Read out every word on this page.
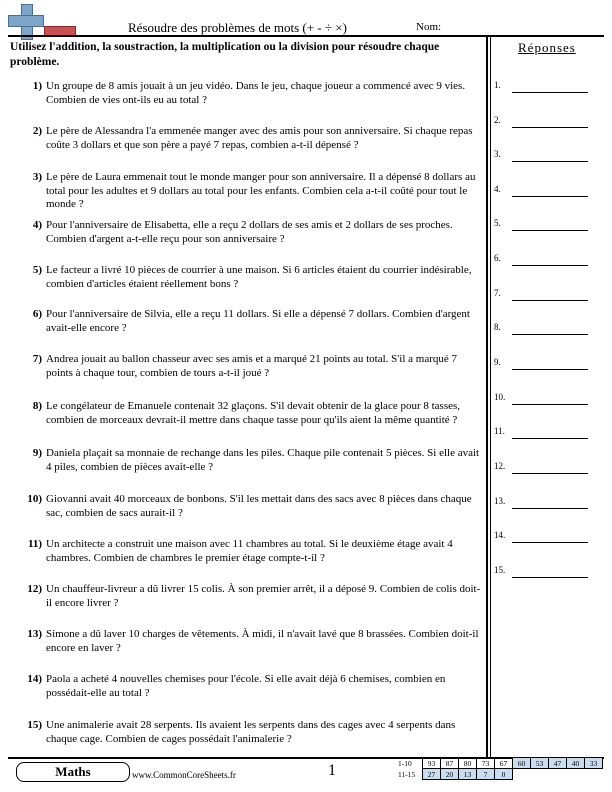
Résoudre des problèmes de mots (+ - ÷ ×)	Nom:
Utilisez l'addition, la soustraction, la multiplication ou la division pour résoudre chaque problème.
Réponses
1.
2.
3.
4.
5.
6.
7.
8.
9.
10.
11.
12.
13.
14.
15.
1) Un groupe de 8 amis jouait à un jeu vidéo. Dans le jeu, chaque joueur a commencé avec 9 vies. Combien de vies ont-ils eu au total ?
2) Le père de Alessandra l'a emmenée manger avec des amis pour son anniversaire. Si chaque repas coûte 3 dollars et que son père a payé 7 repas, combien a-t-il dépensé ?
3) Le père de Laura emmenait tout le monde manger pour son anniversaire. Il a dépensé 8 dollars au total pour les adultes et 9 dollars au total pour les enfants. Combien cela a-t-il coûté pour tout le monde ?
4) Pour l'anniversaire de Elisabetta, elle a reçu 2 dollars de ses amis et 2 dollars de ses proches. Combien d'argent a-t-elle reçu pour son anniversaire ?
5) Le facteur a livré 10 pièces de courrier à une maison. Si 6 articles étaient du courrier indésirable, combien d'articles étaient réellement bons ?
6) Pour l'anniversaire de Silvia, elle a reçu 11 dollars. Si elle a dépensé 7 dollars. Combien d'argent avait-elle encore ?
7) Andrea jouait au ballon chasseur avec ses amis et a marqué 21 points au total. S'il a marqué 7 points à chaque tour, combien de tours a-t-il joué ?
8) Le congélateur de Emanuele contenait 32 glaçons. S'il devait obtenir de la glace pour 8 tasses, combien de morceaux devrait-il mettre dans chaque tasse pour qu'ils aient la même quantité ?
9) Daniela plaçait sa monnaie de rechange dans les piles. Chaque pile contenait 5 pièces. Si elle avait 4 piles, combien de pièces avait-elle ?
10) Giovanni avait 40 morceaux de bonbons. S'il les mettait dans des sacs avec 8 pièces dans chaque sac, combien de sacs aurait-il ?
11) Un architecte a construit une maison avec 11 chambres au total. Si le deuxième étage avait 4 chambres. Combien de chambres le premier étage compte-t-il ?
12) Un chauffeur-livreur a dû livrer 15 colis. À son premier arrêt, il a déposé 9. Combien de colis doit-il encore livrer ?
13) Simone a dû laver 10 charges de vêtements. À midi, il n'avait lavé que 8 brassées. Combien doit-il encore en laver ?
14) Paola a acheté 4 nouvelles chemises pour l'école. Si elle avait déjà 6 chemises, combien en possédait-elle au total ?
15) Une animalerie avait 28 serpents. Ils avaient les serpents dans des cages avec 4 serpents dans chaque cage. Combien de cages possédait l'animalerie ?
Maths	www.CommonCoreSheets.fr	1	1-10	93	87	80	73	67	60	53	47	40	33
11-15	27	20	13	7	0					
